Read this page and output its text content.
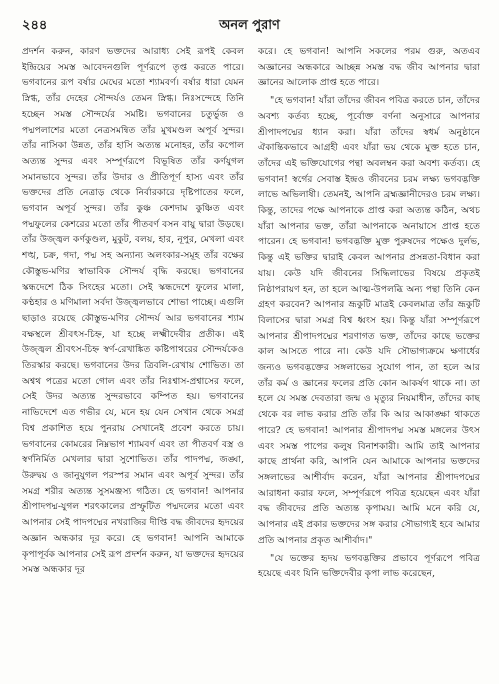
২৪৪	অনল পুরাণ

প্রদর্শন করুন, কারণ ভক্তদের আরাধ্য সেই রূপই কেবল ইন্দ্রিয়ের সমস্ত আবেদনগুলি পূর্ণরূপে তৃপ্ত করতে পারে। ভগবানের রূপ বর্ষার মেঘের মতো শ্যামবর্ণ। বর্ষার ধারা যেমন স্নিগ্ধ, তাঁর দেহের সৌন্দর্যও তেমন স্নিগ্ধ। নিঃসন্দেহে তিনি হচ্ছেন সমস্ত সৌন্দর্যের সমষ্টি। ভগবানের চতুর্ভুজ ও পদ্মপলাশের মতো নেত্রসমন্বিত তাঁর মুখমণ্ডল অপূর্ব সুন্দর। তাঁর নাসিকা উন্নত, তাঁর হাসি অত্যন্ত মনোহর, তাঁর কপোল অত্যন্ত সুন্দর এবং সম্পূর্ণরূপে বিভূষিত তাঁর কর্ণযুগল সমানভাবে সুন্দর। তাঁর উদার ও প্রীতিপূর্ণ হাস্য এবং তাঁর ভক্তদের প্রতি নেত্রাড় থেকে নির্বারকারে দৃষ্টিপাতের ফলে, ভগবান অপূর্ব সুন্দর। তাঁর কুঞ্চ কেশদাম কুঞ্চিত এবং পদ্মফুলের কেশরের মতো তাঁর পীতবর্ণ বসন বায়ু দ্বারা উড়ছে। তাঁর উজ্জ্বল কর্ণকুণ্ডল, মুকুট, বলয়, হার, নূপুর, মেখলা এবং শঙ্খ, চক্র, গদা, পদ্ম সহ অন্যান্য অলংকার-সমূহ তাঁর বক্ষের কৌস্তুভ-মণির স্বাভাবিক সৌন্দর্য বৃদ্ধি করছে। ভগবানের স্কন্ধদেশে ঠিক সিংহের মতো। সেই স্কন্ধদেশে ফুলের মালা, কণ্ঠহার ও মণিমালা সর্বদা উজ্জ্বলভাবে শোভা পাচ্ছে। এগুলি ছাড়াও রয়েছে কৌস্তুভ-মণির সৌন্দর্য আর ভগবানের শ্যাম বক্ষস্থলে শ্রীবৎস-চিহ্ন, যা হচ্ছে লক্ষ্মীদেবীর প্রতীক। এই উজ্জ্বল শ্রীবৎস-চিহ্ন স্বর্ণ-রেখাঙ্কিত কষ্টিপাথরের সৌন্দর্যকেও তিরস্কার করছে। ভগবানের উদর ত্রিবলি-রেখায় শোভিত। তা অশ্বথ পত্রের মতো গোল এবং তাঁর নিঃশ্বাস-প্রশ্বাসের ফলে, সেই উদর অত্যন্ত সুন্দরভাবে কম্পিত হয়। ভগবানের নাভিদেশে এত গভীর যে, মনে হয় যেন সেখান থেকে সমগ্র বিশ্ব প্রকাশিত হয়ে পুনরায় সেখানেই প্রবেশ করতে চায়। ভগবানের কোমরের নিম্নভাগ শ্যামবর্ণ এবং তা পীতবর্ণ বস্ত্র ও স্বর্ণনির্মিত মেখলার দ্বারা সুশোভিত। তাঁর পাদপদ্ম, জঙ্ঘা, উরুদ্বয় ও জানুযুগল পরস্পর সমান এবং অপূর্ব সুন্দর। তাঁর সমগ্র শরীর অত্যন্ত সুসমঞ্জস্য গঠিত। হে ভগবান! আপনার শ্রীপাদপদ্ম-যুগল শরৎকালের প্রস্ফুটিত পদ্মদলের মতো এবং আপনার সেই পাদপদ্মের নখরাজির দীপ্তি বদ্ধ জীবদের হৃদয়ের অজ্ঞান অন্ধকার দূর করে। হে ভগবান! আপনি আমাকে কৃপাপূর্বক আপনার সেই রূপ প্রদর্শন করুন, যা ভক্তদের হৃদয়ের সমস্ত অন্ধকার দূর

করে। হে ভগবান! আপনি সকলের পরম গুরু, অতএব অজ্ঞানের অন্ধকারে আচ্ছন্ন সমস্ত বদ্ধ জীব আপনার দ্বারা জ্ঞানের আলোক প্রাপ্ত হতে পারে।

"হে ভগবান! যাঁরা তাঁদের জীবন পবিত্র করতে চান, তাঁদের অবশ্য কর্তব্য হচ্ছে, পূর্বোক্ত বর্ণনা অনুসারে আপনার শ্রীপাদপদ্মের ধ্যান করা। যাঁরা তাঁদের স্বধর্ম অনুষ্ঠানে ঐকান্তিকভাবে আগ্রহী এবং যাঁরা ভয় থেকে মুক্ত হতে চান, তাঁদের এই ভক্তিযোগের পন্থা অবলম্বন করা অবশ্য কর্তব্য। হে ভগবান! স্বর্গের সেবাস্ত ইন্দ্রও জীবনের চরম লক্ষ্য ভগবদ্ভক্তি লাভে অভিলাষী। তেমনই, আপনি ব্রহ্মজ্ঞানীদেরও চরম লক্ষ্য। কিন্তু, তাদের পক্ষে আপনাকে প্রাপ্ত করা অত্যন্ত কঠিন, অথচ যাঁরা আপনার ভক্ত, তাঁরা আপনাকে অনায়াসে প্রাপ্ত হতে পারেন। হে ভগবান! ভগবদ্ভক্তি মুক্ত পুরুষদের পক্ষেও দুর্লভ, কিন্তু এই ভক্তির দ্বারাই কেবল আপনার প্রসন্নতা-বিধান করা যায়। কেউ যদি জীবনের সিদ্ধিলাভের বিষয়ে প্রকৃতই নিষ্ঠাপরায়ণ হন, তা হলে আত্ম-উপলব্ধি অন্য পন্থা তিনি কেন গ্রহণ করবেন? আপনার ভ্রূকুটি মাত্রই কেবলমাত্র তাঁর ভ্রূকুটি বিলাসের দ্বারা সমগ্র বিশ্ব ধ্বংস হয়। কিন্তু যাঁরা সম্পূর্ণরূপে আপনার শ্রীপাদপদ্মের শরণাগত ভক্ত, তাঁদের কাছে ভক্তের কাল আসতে পারে না। কেউ যদি সৌভাগ্যক্রমে ক্ষণার্ধের জন্যও ভগবদ্ভক্তের সঙ্গলাভের সুযোগ পান, তা হলে আর তাঁর কর্ম ও জ্ঞানের ফলের প্রতি কোন আকর্ষণ থাকে না। তা হলে যে সমস্ত দেবতারা জন্ম ও মৃত্যুর নিয়মাধীন, তাঁদের কাছ থেকে বর লাভ করার প্রতি তাঁর কি আর আকাঙ্ক্ষা থাকতে পারে? হে ভগবান! আপনার শ্রীপাদপদ্ম সমস্ত মঙ্গলের উৎস এবং সমস্ত পাপের কলুষ বিনাশকারী। আমি তাই আপনার কাছে প্রার্থনা করি, আপনি যেন আমাকে আপনার ভক্তদের সঙ্গলাভের আশীর্বাদ করেন, যাঁরা আপনার শ্রীপাদপদ্মের আরাধনা করার ফলে, সম্পূর্ণরূপে পবিত্র হয়েছেন এবং যাঁরা বদ্ধ জীবদের প্রতি অত্যন্ত কৃপাময়। আমি মনে করি যে, আপনার এই প্রকার ভক্তদের সঙ্গ করার সৌভাগ্যই হবে আমার প্রতি আপনার প্রকৃত আশীর্বাদ।"

"যে ভক্তের হৃদয় ভগবদ্ভক্তির প্রভাবে পূর্ণরূপে পবিত্র হয়েছে এবং যিনি ভক্তিদেবীর কৃপা লাভ করেছেন,
